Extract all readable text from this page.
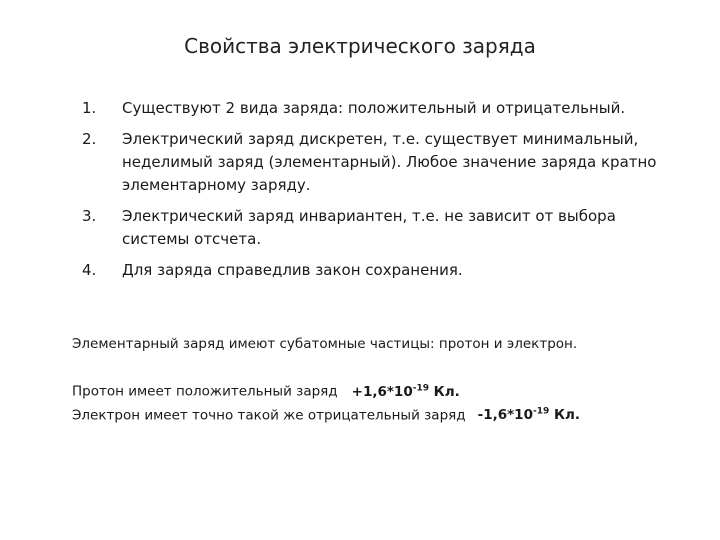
Свойства электрического заряда
1. Существуют 2 вида заряда: положительный и отрицательный.
2. Электрический заряд дискретен, т.е. существует минимальный, неделимый заряд (элементарный). Любое значение заряда кратно элементарному заряду.
3. Электрический заряд инвариантен, т.е. не зависит от выбора системы отсчета.
4. Для заряда справедлив закон сохранения.
Элементарный заряд имеют субатомные частицы: протон и электрон.
Протон имеет положительный заряд $+1,6*10^{-19}$ Кл.
Электрон имеет точно такой же отрицательный заряд $-1,6*10^{-19}$ Кл.
